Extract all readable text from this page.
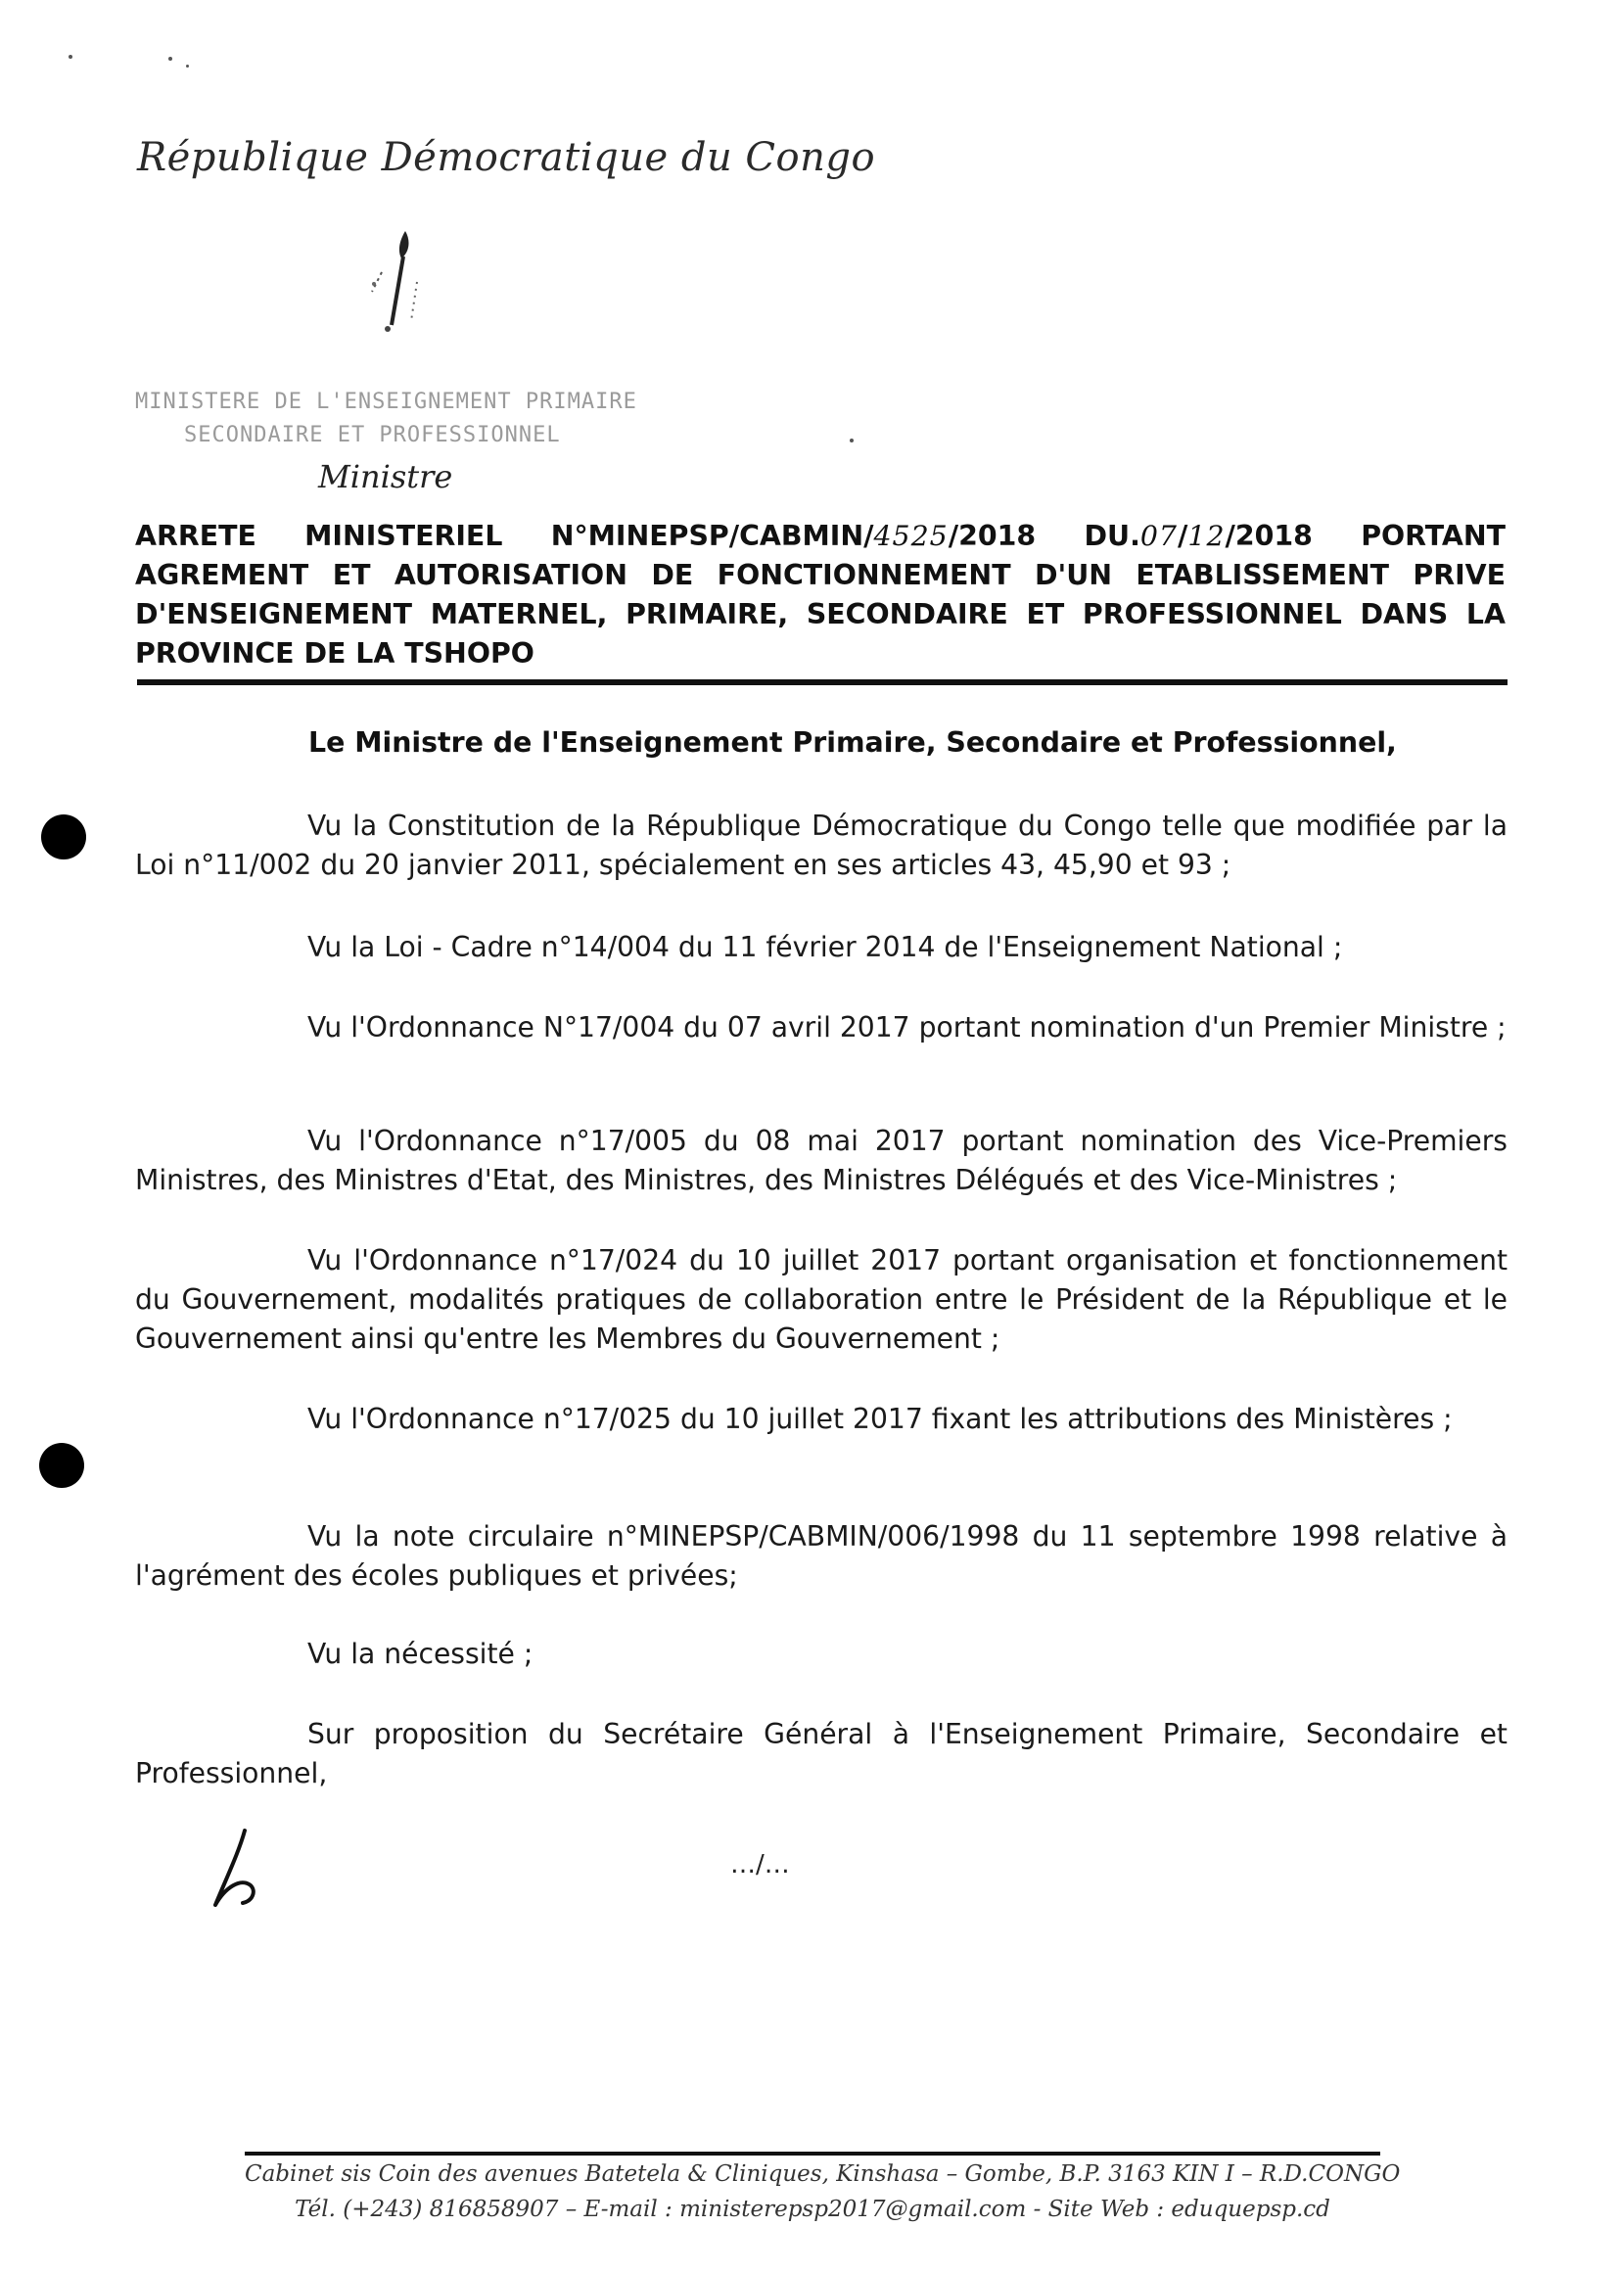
République Démocratique du Congo
MINISTERE DE L'ENSEIGNEMENT PRIMAIRE
SECONDAIRE ET PROFESSIONNEL
Ministre
ARRETE MINISTERIEL N°MINEPSP/CABMIN/4525/2018 DU.07/12/2018 PORTANT AGREMENT ET AUTORISATION DE FONCTIONNEMENT D'UN ETABLISSEMENT PRIVE D'ENSEIGNEMENT MATERNEL, PRIMAIRE, SECONDAIRE ET PROFESSIONNEL DANS LA PROVINCE DE LA TSHOPO
Le Ministre de l'Enseignement Primaire, Secondaire et Professionnel,
Vu la Constitution de la République Démocratique du Congo telle que modifiée par la Loi n°11/002 du 20 janvier 2011, spécialement en ses articles 43, 45,90 et 93 ;
Vu la Loi - Cadre n°14/004 du 11 février 2014 de l'Enseignement National ;
Vu l'Ordonnance N°17/004 du 07 avril 2017 portant nomination d'un Premier Ministre ;
Vu l'Ordonnance n°17/005 du 08 mai 2017 portant nomination des Vice-Premiers Ministres, des Ministres d'Etat, des Ministres, des Ministres Délégués et des Vice-Ministres ;
Vu l'Ordonnance n°17/024 du 10 juillet 2017 portant organisation et fonctionnement du Gouvernement, modalités pratiques de collaboration entre le Président de la République et le Gouvernement ainsi qu'entre les Membres du Gouvernement ;
Vu l'Ordonnance n°17/025 du 10 juillet 2017 fixant les attributions des Ministères ;
Vu la note circulaire n°MINEPSP/CABMIN/006/1998 du 11 septembre 1998 relative à l'agrément des écoles publiques et privées;
Vu la nécessité ;
Sur proposition du Secrétaire Général à l'Enseignement Primaire, Secondaire et Professionnel,
…/…
Cabinet sis Coin des avenues Batetela & Cliniques, Kinshasa – Gombe, B.P. 3163 KIN I – R.D.CONGO
Tél. (+243) 816858907 – E-mail : ministerepsp2017@gmail.com - Site Web : eduquepsp.cd
